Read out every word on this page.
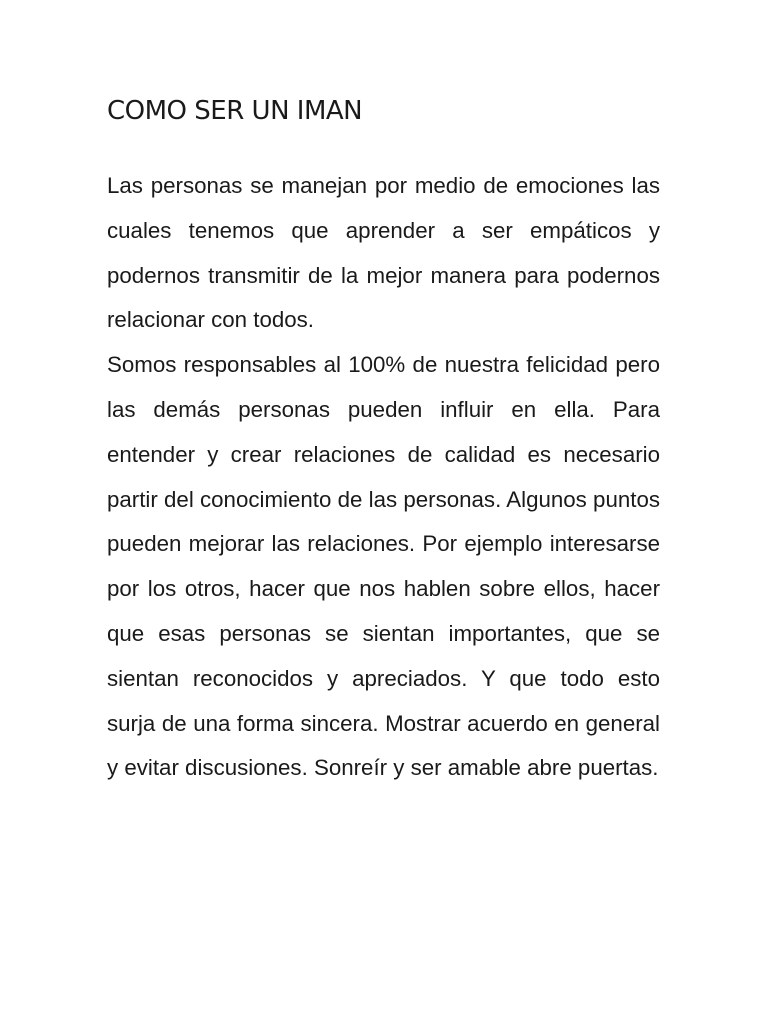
COMO SER UN IMAN

Las personas se manejan por medio de emociones las cuales tenemos que aprender a ser empáticos y podernos transmitir de la mejor manera para podernos relacionar con todos.

Somos responsables al 100% de nuestra felicidad pero las demás personas pueden influir en ella. Para entender y crear relaciones de calidad es necesario partir del conocimiento de las personas. Algunos puntos pueden mejorar las relaciones. Por ejemplo interesarse por los otros, hacer que nos hablen sobre ellos, hacer que esas personas se sientan importantes, que se sientan reconocidos y apreciados. Y que todo esto surja de una forma sincera. Mostrar acuerdo en general y evitar discusiones. Sonreír y ser amable abre puertas.
